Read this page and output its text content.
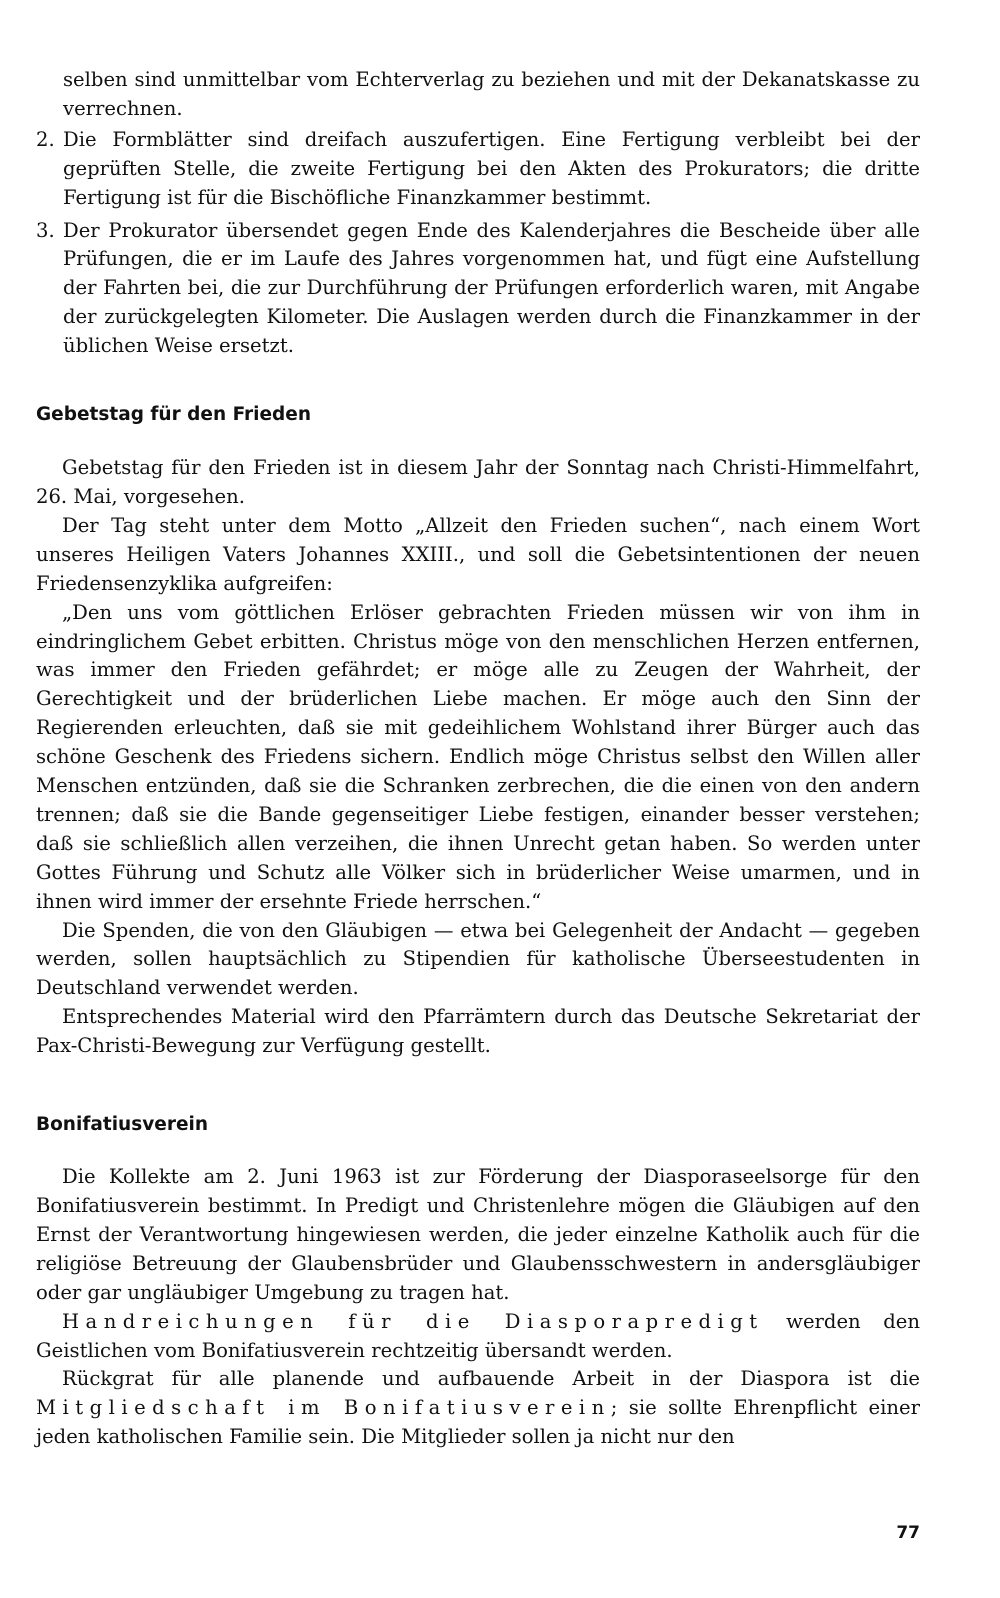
selben sind unmittelbar vom Echterverlag zu beziehen und mit der Dekanatskasse zu verrechnen.
2. Die Formblätter sind dreifach auszufertigen. Eine Fertigung verbleibt bei der geprüften Stelle, die zweite Fertigung bei den Akten des Prokurators; die dritte Fertigung ist für die Bischöfliche Finanzkammer bestimmt.
3. Der Prokurator übersendet gegen Ende des Kalenderjahres die Bescheide über alle Prüfungen, die er im Laufe des Jahres vorgenommen hat, und fügt eine Aufstellung der Fahrten bei, die zur Durchführung der Prüfungen erforderlich waren, mit Angabe der zurückgelegten Kilometer. Die Auslagen werden durch die Finanzkammer in der üblichen Weise ersetzt.
Gebetstag für den Frieden

Gebetstag für den Frieden ist in diesem Jahr der Sonntag nach Christi-Himmelfahrt, 26. Mai, vorgesehen.

Der Tag steht unter dem Motto „Allzeit den Frieden suchen“, nach einem Wort unseres Heiligen Vaters Johannes XXIII., und soll die Gebetsintentionen der neuen Friedensenzyklika aufgreifen:

„Den uns vom göttlichen Erlöser gebrachten Frieden müssen wir von ihm in eindringlichem Gebet erbitten. Christus möge von den menschlichen Herzen entfernen, was immer den Frieden gefährdet; er möge alle zu Zeugen der Wahrheit, der Gerechtigkeit und der brüderlichen Liebe machen. Er möge auch den Sinn der Regierenden erleuchten, daß sie mit gedeihlichem Wohlstand ihrer Bürger auch das schöne Geschenk des Friedens sichern. Endlich möge Christus selbst den Willen aller Menschen entzünden, daß sie die Schranken zerbrechen, die die einen von den andern trennen; daß sie die Bande gegenseitiger Liebe festigen, einander besser verstehen; daß sie schließlich allen verzeihen, die ihnen Unrecht getan haben. So werden unter Gottes Führung und Schutz alle Völker sich in brüderlicher Weise umarmen, und in ihnen wird immer der ersehnte Friede herrschen.“

Die Spenden, die von den Gläubigen — etwa bei Gelegenheit der Andacht — gegeben werden, sollen hauptsächlich zu Stipendien für katholische Überseestudenten in Deutschland verwendet werden.

Entsprechendes Material wird den Pfarrämtern durch das Deutsche Sekretariat der Pax-Christi-Bewegung zur Verfügung gestellt.

Bonifatiusverein

Die Kollekte am 2. Juni 1963 ist zur Förderung der Diasporaseelsorge für den Bonifatiusverein bestimmt. In Predigt und Christenlehre mögen die Gläubigen auf den Ernst der Verantwortung hingewiesen werden, die jeder einzelne Katholik auch für die religiöse Betreuung der Glaubensbrüder und Glaubensschwestern in andersgläubiger oder gar ungläubiger Umgebung zu tragen hat.

Handreichungen für die Diasporapredigt werden den Geistlichen vom Bonifatiusverein rechtzeitig übersandt werden.

Rückgrat für alle planende und aufbauende Arbeit in der Diaspora ist die Mitgliedschaft im Bonifatiusverein; sie sollte Ehrenpflicht einer jeden katholischen Familie sein. Die Mitglieder sollen ja nicht nur den

77
